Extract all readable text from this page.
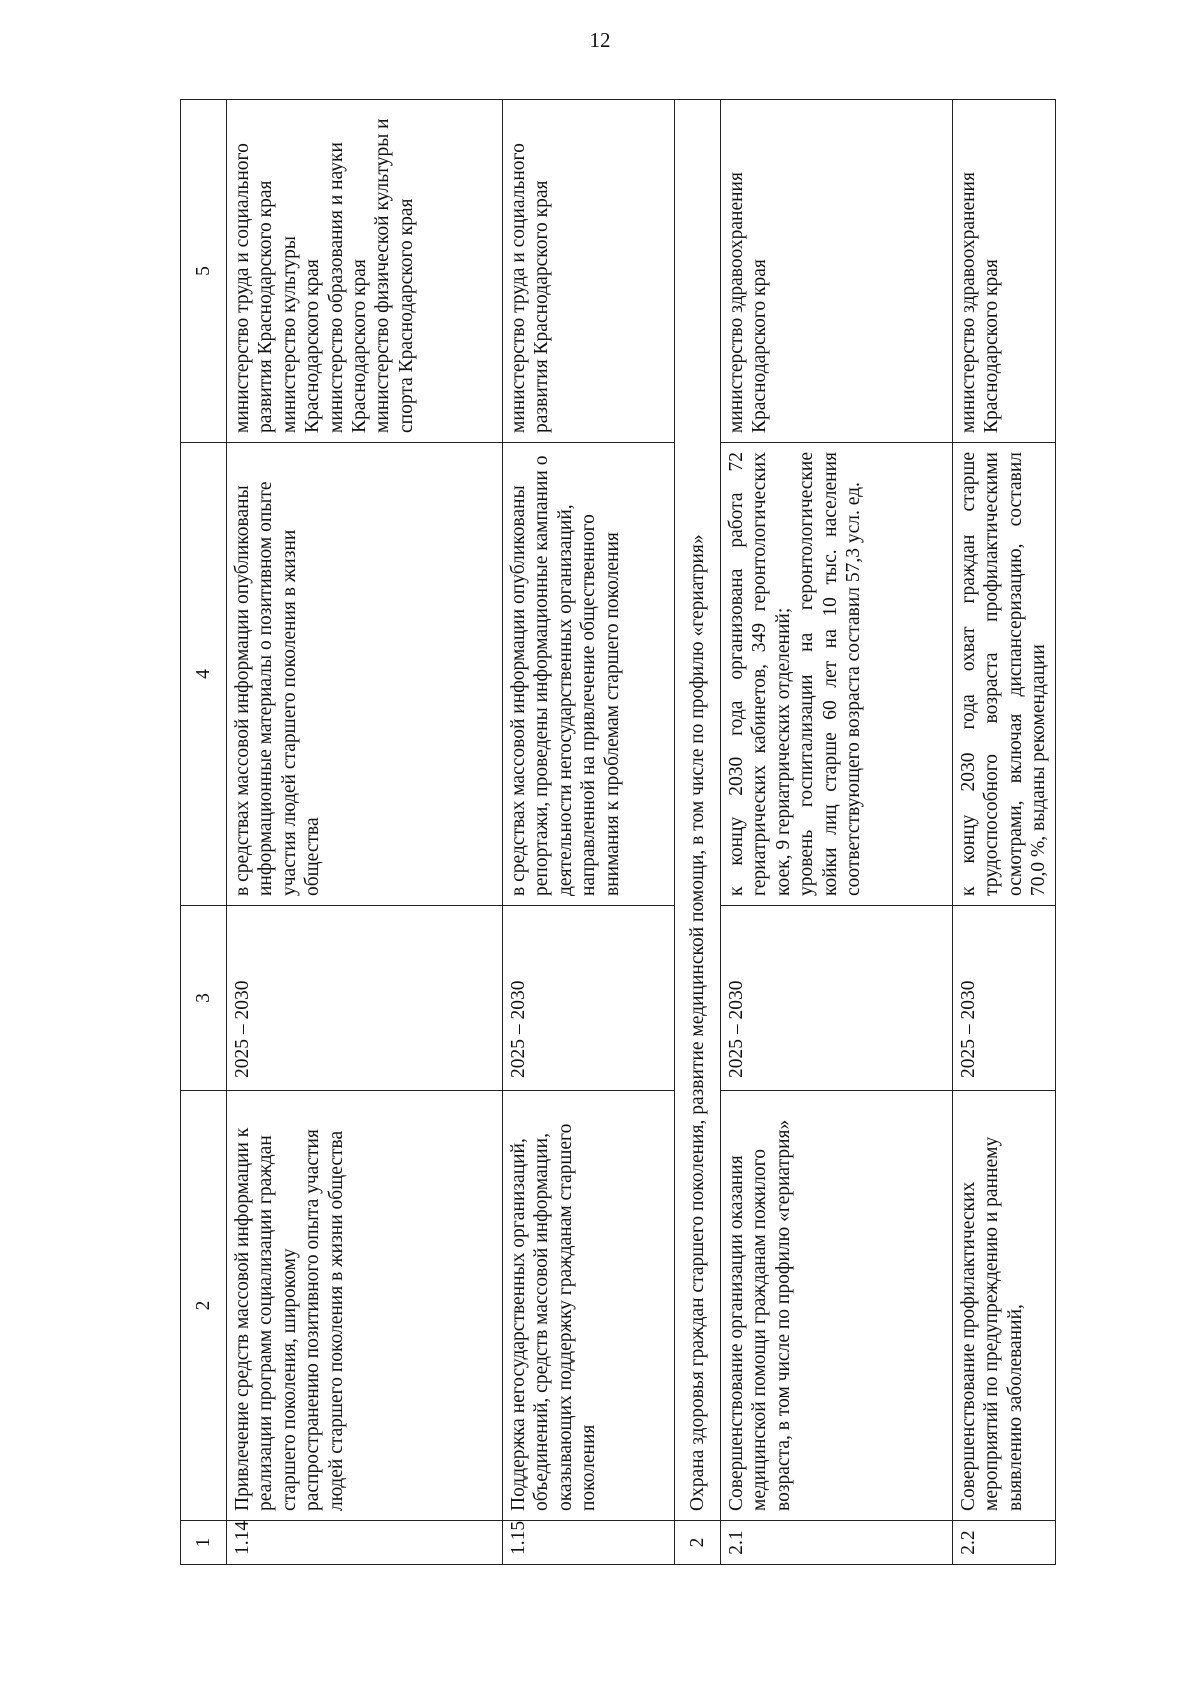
12
1	2	3	4	5
1.14	Привлечение средств массовой информации к реализации программ социализации граждан старшего поколения, широкому распространению позитивного опыта участия людей старшего поколения в жизни общества	2025 – 2030	в средствах массовой информации опубликованы информационные материалы о позитивном опыте участия людей старшего поколения в жизни общества	министерство труда и социального развития Краснодарского края министерство культуры Краснодарского края министерство образования и науки Краснодарского края министерство физической культуры и спорта Краснодарского края

1.15	Поддержка негосударственных организаций, объединений, средств массовой информации, оказывающих поддержку гражданам старшего поколения	2025 – 2030	в средствах массовой информации опубликованы репортажи, проведены информационные кампании о деятельности негосударственных организаций, направленной на привлечение общественного внимания к проблемам старшего поколения	министерство труда и социального развития Краснодарского края

2	Охрана здоровья граждан старшего поколения, развитие медицинской помощи, в том числе по профилю «гериатрия»			
2.1	Совершенствование организации оказания медицинской помощи гражданам пожилого возраста, в том числе по профилю «гериатрия»	2025 – 2030	к концу 2030 года организована работа 72 гериатрических кабинетов, 349 геронтологических коек, 9 гериатрических отделений; уровень госпитализации на геронтологические койки лиц старше 60 лет на 10 тыс. населения соответствующего возраста составил 57,3 усл. ед.	министерство здравоохранения Краснодарского края

2.2	Совершенствование профилактических мероприятий по предупреждению и раннему выявлению заболеваний,	2025 – 2030	к концу 2030 года охват граждан старше трудоспособного возраста профилактическими осмотрами, включая диспансеризацию, составил 70,0 %, выданы рекомендации	министерство здравоохранения Краснодарского края
